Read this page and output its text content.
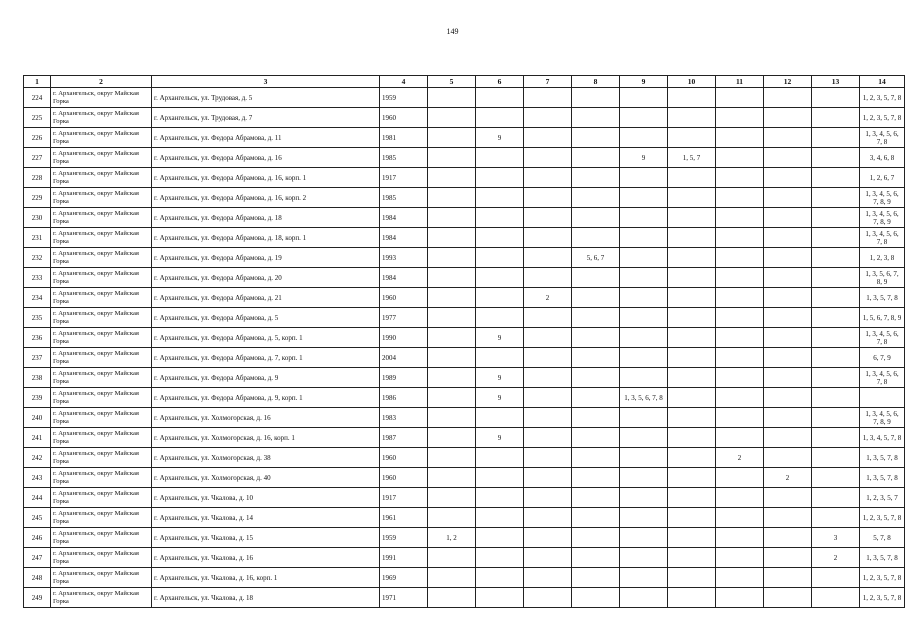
149
1	2	3	4	5	6	7	8	9	10	11	12	13	14
224	г. Архангельск, округ Майская Горка	г. Архангельск, ул. Трудовая, д. 5	1959										1, 2, 3, 5, 7, 8
225	г. Архангельск, округ Майская Горка	г. Архангельск, ул. Трудовая, д. 7	1960										1, 2, 3, 5, 7, 8
226	г. Архангельск, округ Майская Горка	г. Архангельск, ул. Федора Абрамова, д. 11	1981		9								1, 3, 4, 5, 6, 7, 8
227	г. Архангельск, округ Майская Горка	г. Архангельск, ул. Федора Абрамова, д. 16	1985					9	1, 5, 7				3, 4, 6, 8
228	г. Архангельск, округ Майская Горка	г. Архангельск, ул. Федора Абрамова, д. 16, корп. 1	1917										1, 2, 6, 7
229	г. Архангельск, округ Майская Горка	г. Архангельск, ул. Федора Абрамова, д. 16, корп. 2	1985										1, 3, 4, 5, 6, 7, 8, 9
230	г. Архангельск, округ Майская Горка	г. Архангельск, ул. Федора Абрамова, д. 18	1984										1, 3, 4, 5, 6, 7, 8, 9
231	г. Архангельск, округ Майская Горка	г. Архангельск, ул. Федора Абрамова, д. 18, корп. 1	1984										1, 3, 4, 5, 6, 7, 8
232	г. Архангельск, округ Майская Горка	г. Архангельск, ул. Федора Абрамова, д. 19	1993				5, 6, 7						1, 2, 3, 8
233	г. Архангельск, округ Майская Горка	г. Архангельск, ул. Федора Абрамова, д. 20	1984										1, 3, 5, 6, 7, 8, 9
234	г. Архангельск, округ Майская Горка	г. Архангельск, ул. Федора Абрамова, д. 21	1960			2							1, 3, 5, 7, 8
235	г. Архангельск, округ Майская Горка	г. Архангельск, ул. Федора Абрамова, д. 5	1977										1, 5, 6, 7, 8, 9
236	г. Архангельск, округ Майская Горка	г. Архангельск, ул. Федора Абрамова, д. 5, корп. 1	1990		9								1, 3, 4, 5, 6, 7, 8
237	г. Архангельск, округ Майская Горка	г. Архангельск, ул. Федора Абрамова, д. 7, корп. 1	2004										6, 7, 9
238	г. Архангельск, округ Майская Горка	г. Архангельск, ул. Федора Абрамова, д. 9	1989		9								1, 3, 4, 5, 6, 7, 8
239	г. Архангельск, округ Майская Горка	г. Архангельск, ул. Федора Абрамова, д. 9, корп. 1	1986		9			1, 3, 5, 6, 7, 8					
240	г. Архангельск, округ Майская Горка	г. Архангельск, ул. Холмогорская, д. 16	1983										1, 3, 4, 5, 6, 7, 8, 9
241	г. Архангельск, округ Майская Горка	г. Архангельск, ул. Холмогорская, д. 16, корп. 1	1987		9								1, 3, 4, 5, 7, 8
242	г. Архангельск, округ Майская Горка	г. Архангельск, ул. Холмогорская, д. 38	1960							2			1, 3, 5, 7, 8
243	г. Архангельск, округ Майская Горка	г. Архангельск, ул. Холмогорская, д. 40	1960								2		1, 3, 5, 7, 8
244	г. Архангельск, округ Майская Горка	г. Архангельск, ул. Чкалова, д. 10	1917										1, 2, 3, 5, 7
245	г. Архангельск, округ Майская Горка	г. Архангельск, ул. Чкалова, д. 14	1961										1, 2, 3, 5, 7, 8
246	г. Архангельск, округ Майская Горка	г. Архангельск, ул. Чкалова, д. 15	1959	1, 2								3	5, 7, 8
247	г. Архангельск, округ Майская Горка	г. Архангельск, ул. Чкалова, д. 16	1991									2	1, 3, 5, 7, 8
248	г. Архангельск, округ Майская Горка	г. Архангельск, ул. Чкалова, д. 16, корп. 1	1969										1, 2, 3, 5, 7, 8
249	г. Архангельск, округ Майская Горка	г. Архангельск, ул. Чкалова, д. 18	1971										1, 2, 3, 5, 7, 8
